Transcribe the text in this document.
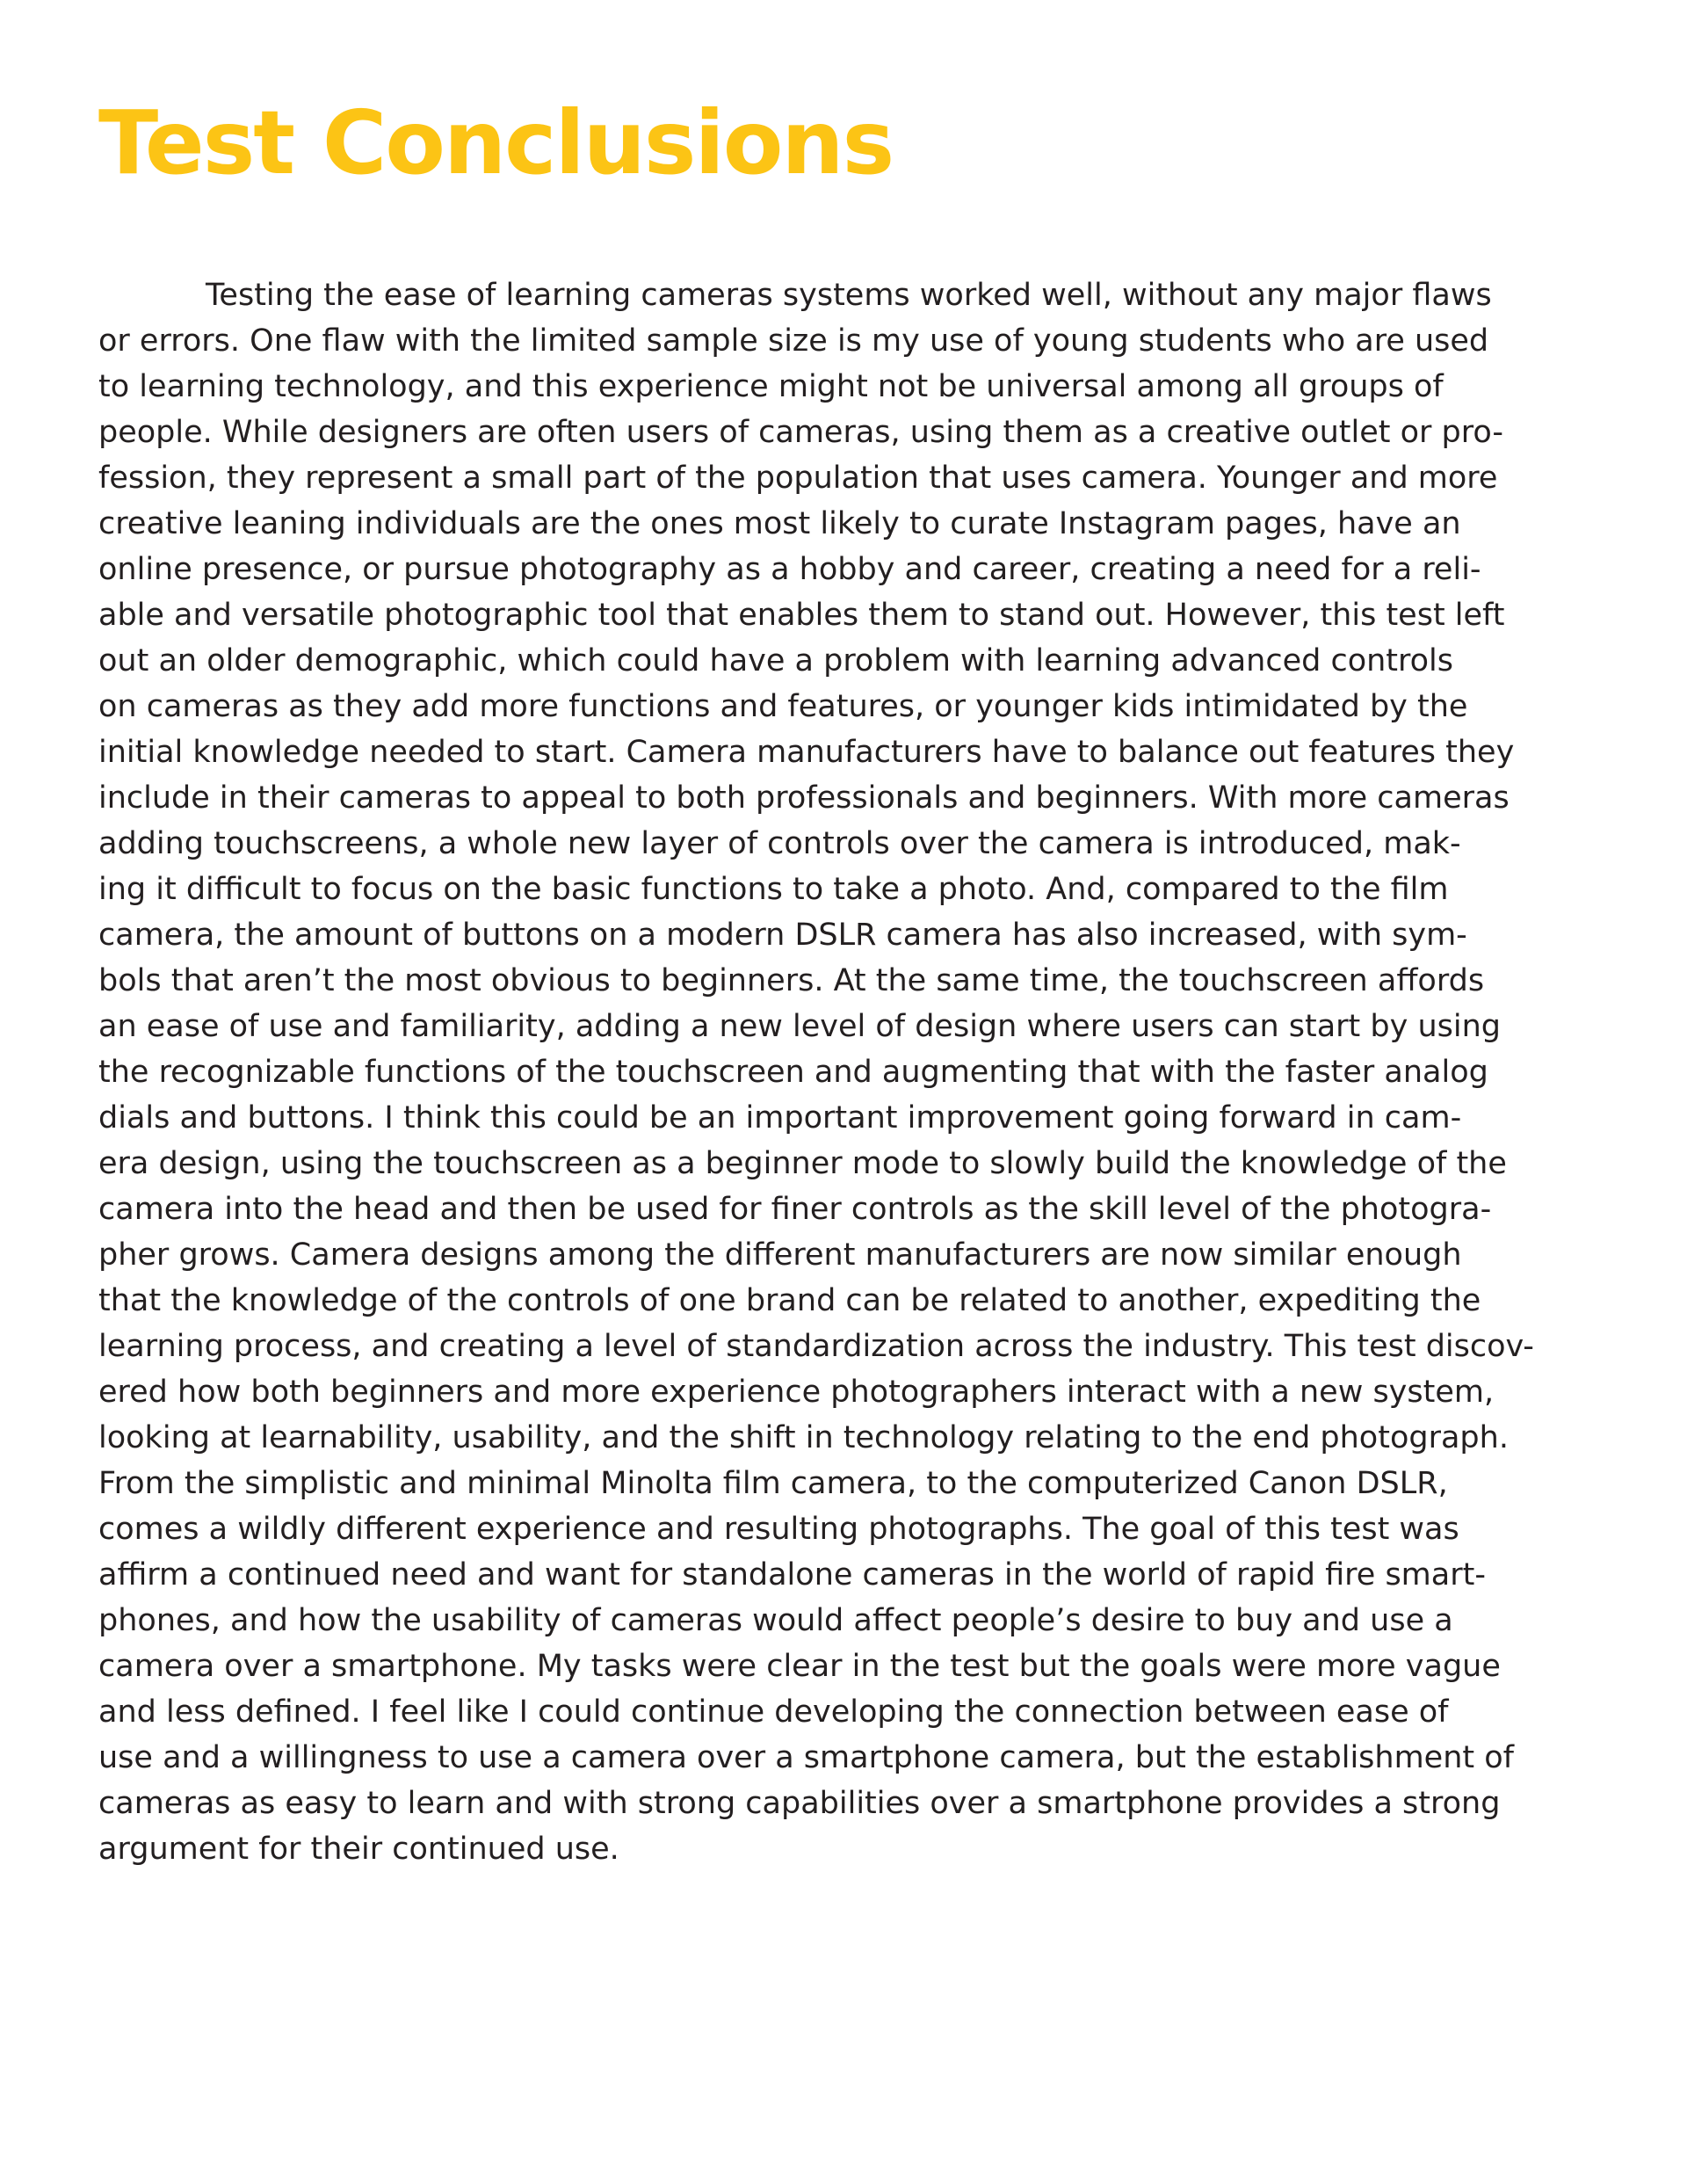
Test Conclusions
Testing the ease of learning cameras systems worked well, without any major flaws
or errors. One flaw with the limited sample size is my use of young students who are used
to learning technology, and this experience might not be universal among all groups of
people. While designers are often users of cameras, using them as a creative outlet or pro-
fession, they represent a small part of the population that uses camera. Younger and more
creative leaning individuals are the ones most likely to curate Instagram pages, have an
online presence, or pursue photography as a hobby and career, creating a need for a reli-
able and versatile photographic tool that enables them to stand out. However, this test left
out an older demographic, which could have a problem with learning advanced controls
on cameras as they add more functions and features, or younger kids intimidated by the
initial knowledge needed to start. Camera manufacturers have to balance out features they
include in their cameras to appeal to both professionals and beginners. With more cameras
adding touchscreens, a whole new layer of controls over the camera is introduced, mak-
ing it difficult to focus on the basic functions to take a photo. And, compared to the film
camera, the amount of buttons on a modern DSLR camera has also increased, with sym-
bols that aren’t the most obvious to beginners. At the same time, the touchscreen affords
an ease of use and familiarity, adding a new level of design where users can start by using
the recognizable functions of the touchscreen and augmenting that with the faster analog
dials and buttons. I think this could be an important improvement going forward in cam-
era design, using the touchscreen as a beginner mode to slowly build the knowledge of the
camera into the head and then be used for finer controls as the skill level of the photogra-
pher grows. Camera designs among the different manufacturers are now similar enough
that the knowledge of the controls of one brand can be related to another, expediting the
learning process, and creating a level of standardization across the industry. This test discov-
ered how both beginners and more experience photographers interact with a new system,
looking at learnability, usability, and the shift in technology relating to the end photograph.
From the simplistic and minimal Minolta film camera, to the computerized Canon DSLR,
comes a wildly different experience and resulting photographs. The goal of this test was
affirm a continued need and want for standalone cameras in the world of rapid fire smart-
phones, and how the usability of cameras would affect people’s desire to buy and use a
camera over a smartphone. My tasks were clear in the test but the goals were more vague
and less defined. I feel like I could continue developing the connection between ease of
use and a willingness to use a camera over a smartphone camera, but the establishment of
cameras as easy to learn and with strong capabilities over a smartphone provides a strong
argument for their continued use.
